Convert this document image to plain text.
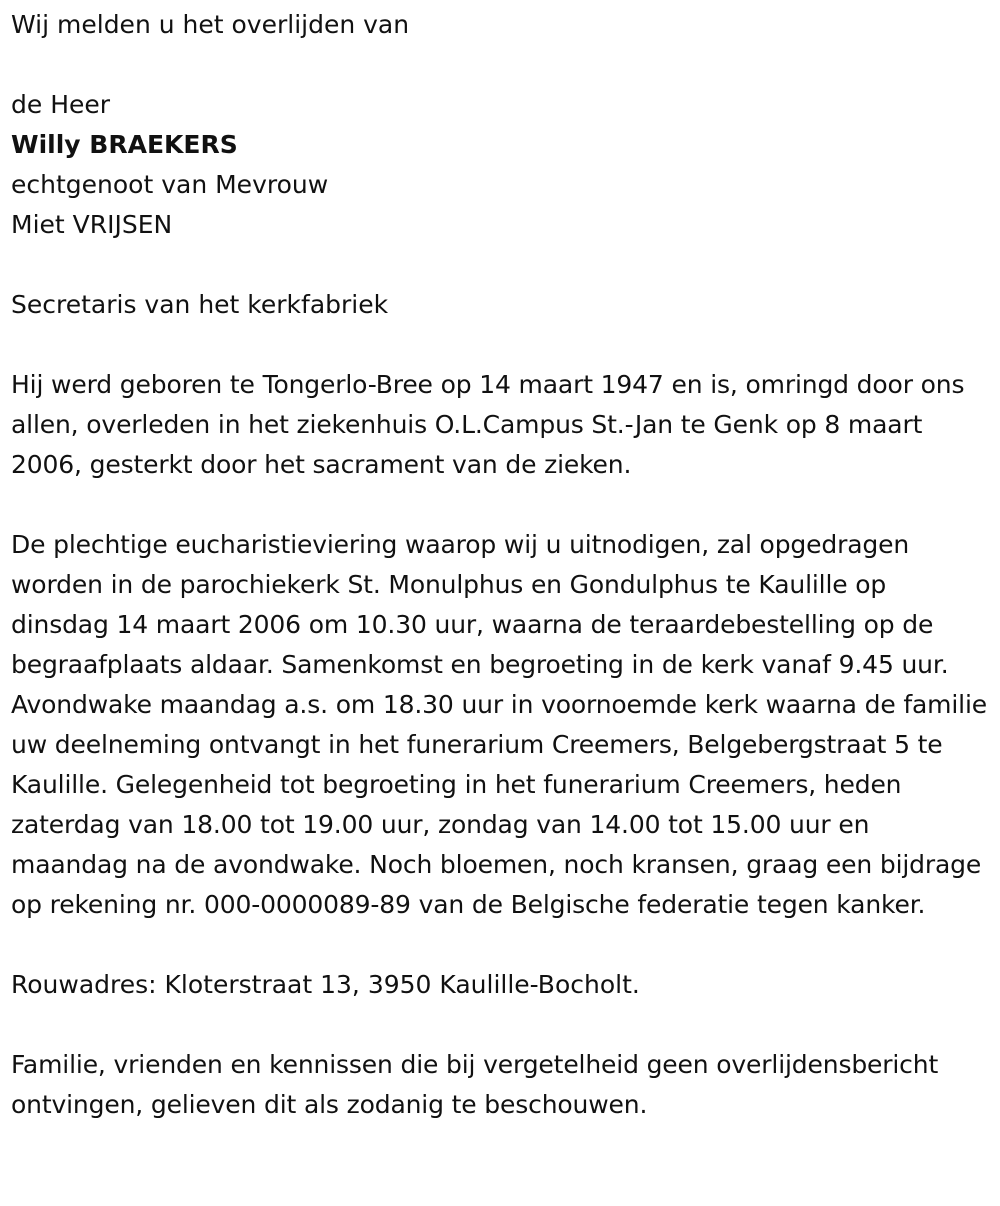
Wij melden u het overlijden van
de Heer
Willy BRAEKERS
echtgenoot van Mevrouw
Miet VRIJSEN
Secretaris van het kerkfabriek

Hij werd geboren te Tongerlo-Bree op 14 maart 1947 en is, omringd door ons allen, overleden in het ziekenhuis O.L.Campus St.-Jan te Genk op 8 maart 2006, gesterkt door het sacrament van de zieken.

De plechtige eucharistieviering waarop wij u uitnodigen, zal opgedragen worden in de parochiekerk St. Monulphus en Gondulphus te Kaulille op dinsdag 14 maart 2006 om 10.30 uur, waarna de teraardebestelling op de begraafplaats aldaar. Samenkomst en begroeting in de kerk vanaf 9.45 uur. Avondwake maandag a.s. om 18.30 uur in voornoemde kerk waarna de familie uw deelneming ontvangt in het funerarium Creemers, Belgebergstraat 5 te Kaulille. Gelegenheid tot begroeting in het funerarium Creemers, heden zaterdag van 18.00 tot 19.00 uur, zondag van 14.00 tot 15.00 uur en maandag na de avondwake. Noch bloemen, noch kransen, graag een bijdrage op rekening nr. 000-0000089-89 van de Belgische federatie tegen kanker.

Rouwadres: Kloterstraat 13, 3950 Kaulille-Bocholt.

Familie, vrienden en kennissen die bij vergetelheid geen overlijdensbericht ontvingen, gelieven dit als zodanig te beschouwen.
